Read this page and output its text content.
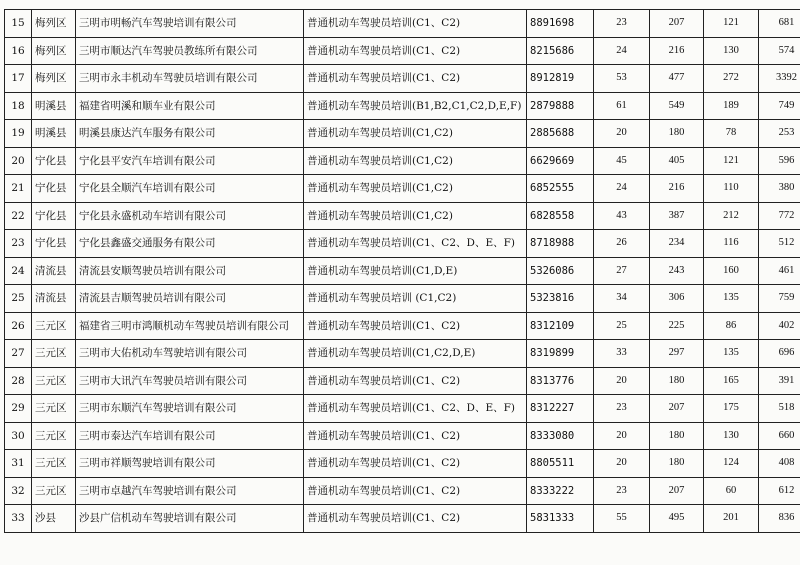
15	梅列区	三明市明畅汽车驾驶培训有限公司	普通机动车驾驶员培训(C1、C2)	8891698	23	207	121	681
16	梅列区	三明市顺达汽车驾驶员教练所有限公司	普通机动车驾驶员培训(C1、C2)	8215686	24	216	130	574
17	梅列区	三明市永丰机动车驾驶员培训有限公司	普通机动车驾驶员培训(C1、C2)	8912819	53	477	272	3392
18	明溪县	福建省明溪和顺车业有限公司	普通机动车驾驶员培训(B1,B2,C1,C2,D,E,F)	2879888	61	549	189	749
19	明溪县	明溪县康达汽车服务有限公司	普通机动车驾驶员培训(C1,C2)	2885688	20	180	78	253
20	宁化县	宁化县平安汽车培训有限公司	普通机动车驾驶员培训(C1,C2)	6629669	45	405	121	596
21	宁化县	宁化县全顺汽车培训有限公司	普通机动车驾驶员培训(C1,C2)	6852555	24	216	110	380
22	宁化县	宁化县永盛机动车培训有限公司	普通机动车驾驶员培训(C1,C2)	6828558	43	387	212	772
23	宁化县	宁化县鑫盛交通服务有限公司	普通机动车驾驶员培训(C1、C2、D、E、F)	8718988	26	234	116	512
24	清流县	清流县安顺驾驶员培训有限公司	普通机动车驾驶员培训(C1,D,E)	5326086	27	243	160	461
25	清流县	清流县吉顺驾驶员培训有限公司	普通机动车驾驶员培训 (C1,C2)	5323816	34	306	135	759
26	三元区	福建省三明市鸿顺机动车驾驶员培训有限公司	普通机动车驾驶员培训(C1、C2)	8312109	25	225	86	402
27	三元区	三明市大佑机动车驾驶培训有限公司	普通机动车驾驶员培训(C1,C2,D,E)	8319899	33	297	135	696
28	三元区	三明市大讯汽车驾驶员培训有限公司	普通机动车驾驶员培训(C1、C2)	8313776	20	180	165	391
29	三元区	三明市东顺汽车驾驶培训有限公司	普通机动车驾驶员培训(C1、C2、D、E、F)	8312227	23	207	175	518
30	三元区	三明市泰达汽车培训有限公司	普通机动车驾驶员培训(C1、C2)	8333080	20	180	130	660
31	三元区	三明市祥顺驾驶培训有限公司	普通机动车驾驶员培训(C1、C2)	8805511	20	180	124	408
32	三元区	三明市卓越汽车驾驶培训有限公司	普通机动车驾驶员培训(C1、C2)	8333222	23	207	60	612
33	沙县	沙县广信机动车驾驶培训有限公司	普通机动车驾驶员培训(C1、C2)	5831333	55	495	201	836
